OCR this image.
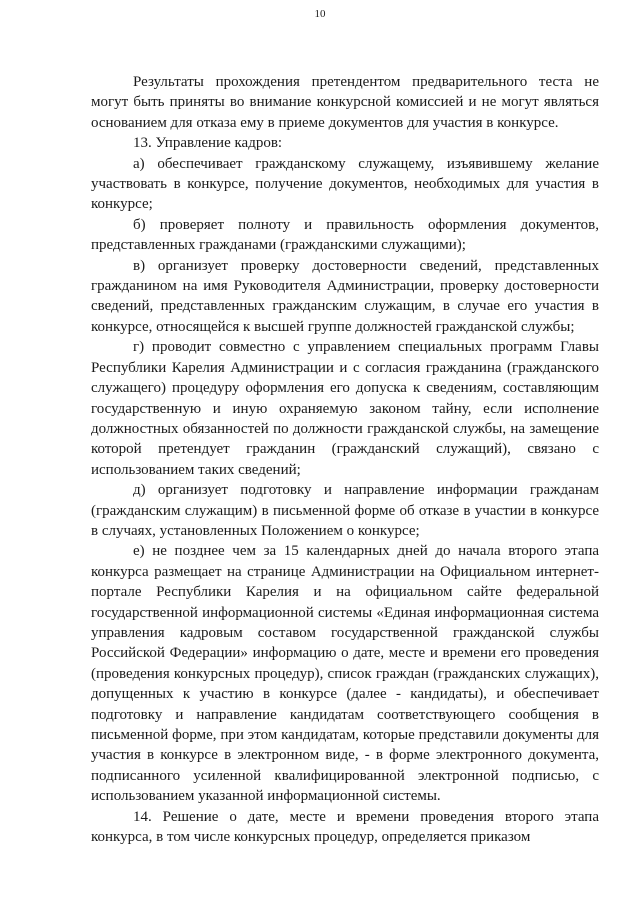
10

Результаты прохождения претендентом предварительного теста не могут быть приняты во внимание конкурсной комиссией и не могут являться основанием для отказа ему в приеме документов для участия в конкурсе.

13. Управление кадров:

а) обеспечивает гражданскому служащему, изъявившему желание участвовать в конкурсе, получение документов, необходимых для участия в конкурсе;

б) проверяет полноту и правильность оформления документов, представленных гражданами (гражданскими служащими);

в) организует проверку достоверности сведений, представленных гражданином на имя Руководителя Администрации, проверку достоверности сведений, представленных гражданским служащим, в случае его участия в конкурсе, относящейся к высшей группе должностей гражданской службы;

г) проводит совместно с управлением специальных программ Главы Республики Карелия Администрации и с согласия гражданина (гражданского служащего) процедуру оформления его допуска к сведениям, составляющим государственную и иную охраняемую законом тайну, если исполнение должностных обязанностей по должности гражданской службы, на замещение которой претендует гражданин (гражданский служащий), связано с использованием таких сведений;

д) организует подготовку и направление информации гражданам (гражданским служащим) в письменной форме об отказе в участии в конкурсе в случаях, установленных Положением о конкурсе;

е) не позднее чем за 15 календарных дней до начала второго этапа конкурса размещает на странице Администрации на Официальном интернет-портале Республики Карелия и на официальном сайте федеральной государственной информационной системы «Единая информационная система управления кадровым составом государственной гражданской службы Российской Федерации» информацию о дате, месте и времени его проведения (проведения конкурсных процедур), список граждан (гражданских служащих), допущенных к участию в конкурсе (далее - кандидаты), и обеспечивает подготовку и направление кандидатам соответствующего сообщения в письменной форме, при этом кандидатам, которые представили документы для участия в конкурсе в электронном виде, - в форме электронного документа, подписанного усиленной квалифицированной электронной подписью, с использованием указанной информационной системы.

14. Решение о дате, месте и времени проведения второго этапа конкурса, в том числе конкурсных процедур, определяется приказом
